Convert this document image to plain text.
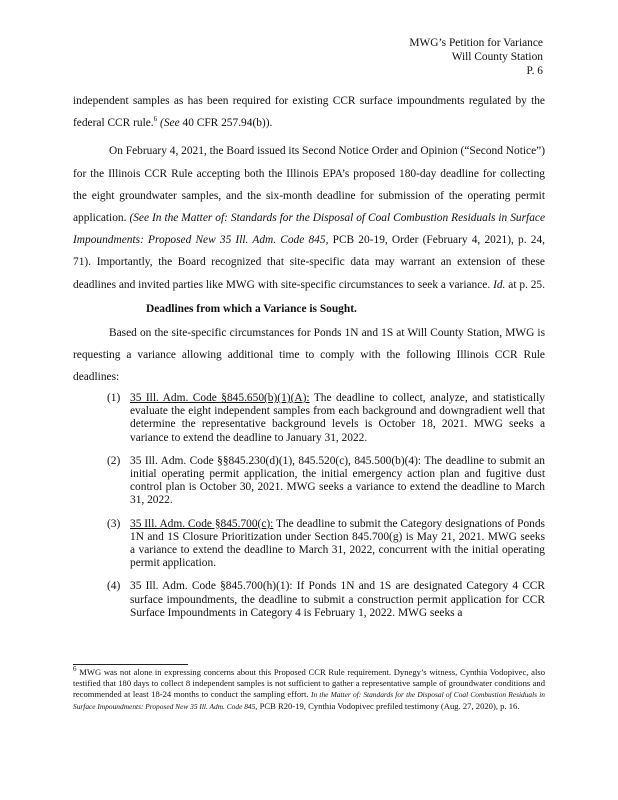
MWG’s Petition for Variance
Will County Station
P. 6

independent samples as has been required for existing CCR surface impoundments regulated by the federal CCR rule.$^6$ (See 40 CFR 257.94(b)).

On February 4, 2021, the Board issued its Second Notice Order and Opinion (“Second Notice”) for the Illinois CCR Rule accepting both the Illinois EPA’s proposed 180-day deadline for collecting the eight groundwater samples, and the six-month deadline for submission of the operating permit application. (See In the Matter of: Standards for the Disposal of Coal Combustion Residuals in Surface Impoundments: Proposed New 35 Ill. Adm. Code 845, PCB 20-19, Order (February 4, 2021), p. 24, 71). Importantly, the Board recognized that site-specific data may warrant an extension of these deadlines and invited parties like MWG with site-specific circumstances to seek a variance. Id. at p. 25.

Deadlines from which a Variance is Sought.

Based on the site-specific circumstances for Ponds 1N and 1S at Will County Station, MWG is requesting a variance allowing additional time to comply with the following Illinois CCR Rule deadlines:

(1) 35 Ill. Adm. Code §845.650(b)(1)(A): The deadline to collect, analyze, and statistically evaluate the eight independent samples from each background and downgradient well that determine the representative background levels is October 18, 2021. MWG seeks a variance to extend the deadline to January 31, 2022.
(2) 35 Ill. Adm. Code §§845.230(d)(1), 845.520(c), 845.500(b)(4): The deadline to submit an initial operating permit application, the initial emergency action plan and fugitive dust control plan is October 30, 2021. MWG seeks a variance to extend the deadline to March 31, 2022.
(3) 35 Ill. Adm. Code §845.700(c): The deadline to submit the Category designations of Ponds 1N and 1S Closure Prioritization under Section 845.700(g) is May 21, 2021. MWG seeks a variance to extend the deadline to March 31, 2022, concurrent with the initial operating permit application.
(4) 35 Ill. Adm. Code §845.700(h)(1): If Ponds 1N and 1S are designated Category 4 CCR surface impoundments, the deadline to submit a construction permit application for CCR Surface Impoundments in Category 4 is February 1, 2022. MWG seeks a
$^6$ MWG was not alone in expressing concerns about this Proposed CCR Rule requirement. Dynegy’s witness, Cynthia Vodopivec, also testified that 180 days to collect 8 independent samples is not sufficient to gather a representative sample of groundwater conditions and recommended at least 18-24 months to conduct the sampling effort. In the Matter of: Standards for the Disposal of Coal Combustion Residuals in Surface Impoundments: Proposed New 35 Ill. Adm. Code 845, PCB R20-19, Cynthia Vodopivec prefiled testimony (Aug. 27, 2020), p. 16.
